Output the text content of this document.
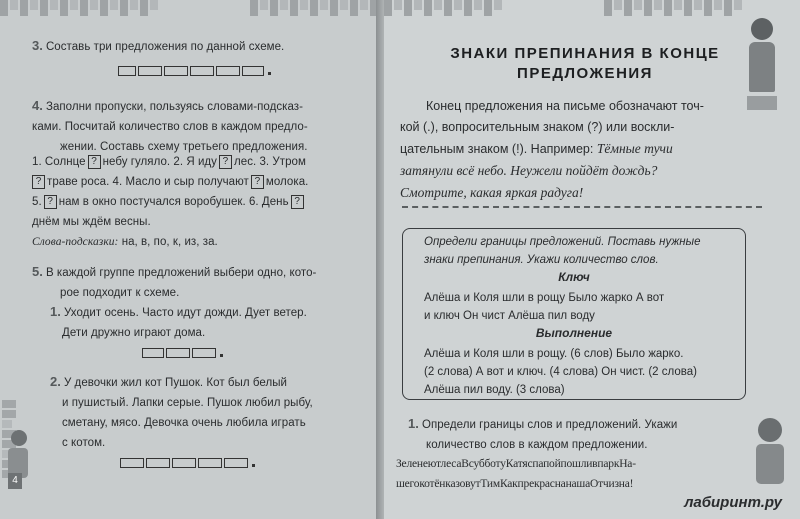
3. Составь три предложения по данной схеме.
4. Заполни пропуски, пользуясь словами-подсказ-
ками. Посчитай количество слов в каждом предло-
жении. Составь схему третьего предложения.
1. Солнце ? небу гуляло. 2. Я иду ? лес. 3. Утром
? траве роса. 4. Масло и сыр получают ? молока.
5. ? нам в окно постучался воробушек. 6. День ?
днём мы ждём весны.
Слова-подсказки: на, в, по, к, из, за.
5. В каждой группе предложений выбери одно, кото-
рое подходит к схеме.
1. Уходит осень. Часто идут дожди. Дует ветер.
Дети дружно играют дома.
2. У девочки жил кот Пушок. Кот был белый
и пушистый. Лапки серые. Пушок любил рыбу,
сметану, мясо. Девочка очень любила играть
с котом.
4
ЗНАКИ ПРЕПИНАНИЯ В КОНЦЕ
ПРЕДЛОЖЕНИЯ
Конец предложения на письме обозначают точ-
кой (.), вопросительным знаком (?) или воскли-
цательным знаком (!). Например: Тёмные тучи
затянули всё небо. Неужели пойдёт дождь?
Смотрите, какая яркая радуга!
Определи границы предложений. Поставь нужные
знаки препинания. Укажи количество слов.
Ключ
Алёша и Коля шли в рощу Было жарко А вот
и ключ Он чист Алёша пил воду
Выполнение
Алёша и Коля шли в рощу. (6 слов) Было жарко.
(2 слова) А вот и ключ. (4 слова) Он чист. (2 слова)
Алёша пил воду. (3 слова)
1. Определи границы слов и предложений. Укажи
количество слов в каждом предложении.
ЗеленеютлесаВсубботуКатяспапойпошливпаркНа-
шегокотёнказовутТимКакпрекраснанашаОтчизна!
лабиринт.ру
